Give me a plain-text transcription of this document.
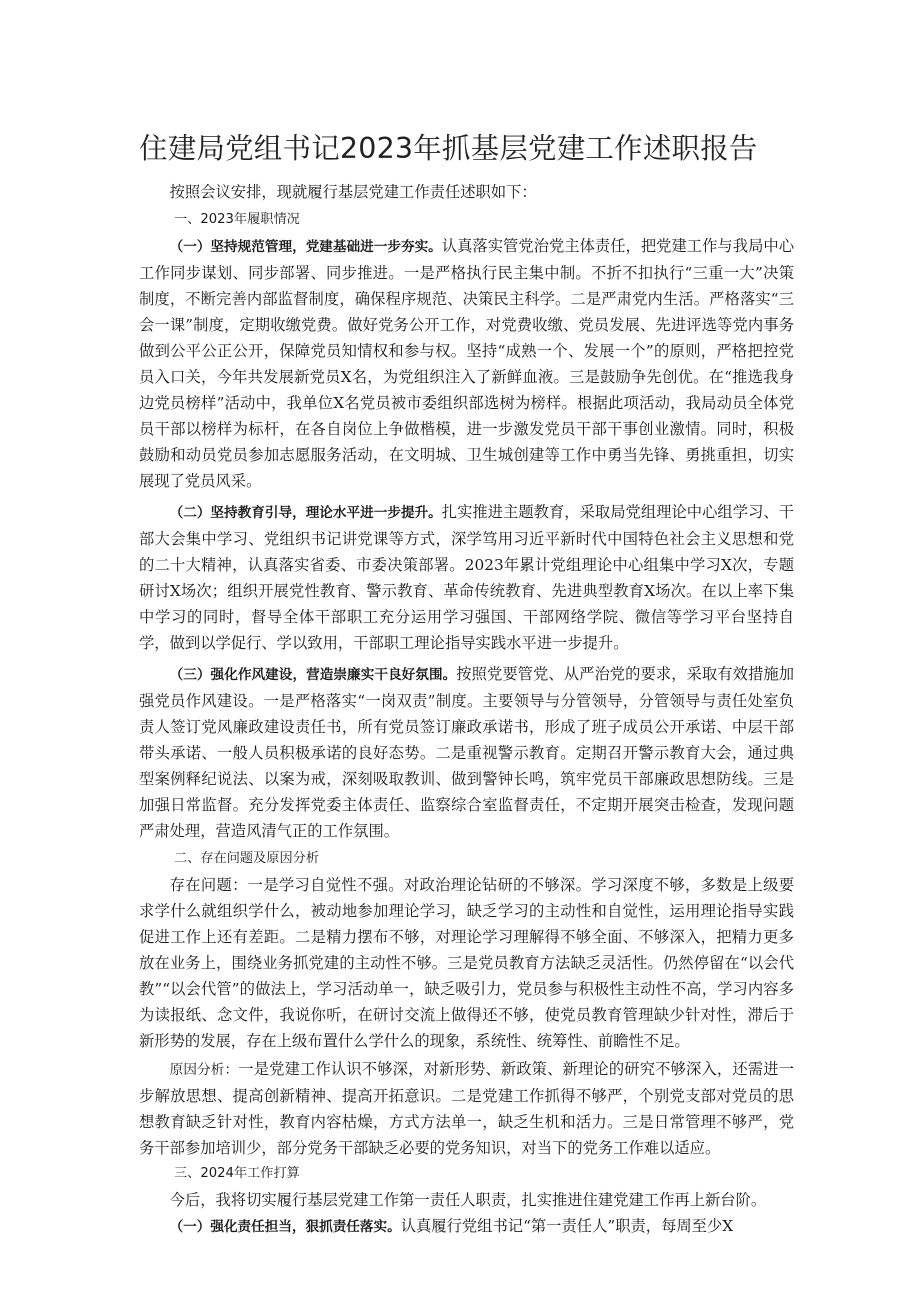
住建局党组书记2023年抓基层党建工作述职报告

按照会议安排，现就履行基层党建工作责任述职如下：

一、2023年履职情况

（一）坚持规范管理，党建基础进一步夯实。认真落实管党治党主体责任，把党建工作与我局中心工作同步谋划、同步部署、同步推进。一是严格执行民主集中制。不折不扣执行“三重一大”决策制度，不断完善内部监督制度，确保程序规范、决策民主科学。二是严肃党内生活。严格落实“三会一课”制度，定期收缴党费。做好党务公开工作，对党费收缴、党员发展、先进评选等党内事务做到公平公正公开，保障党员知情权和参与权。坚持“成熟一个、发展一个”的原则，严格把控党员入口关，今年共发展新党员X名，为党组织注入了新鲜血液。三是鼓励争先创优。在“推选我身边党员榜样”活动中，我单位X名党员被市委组织部选树为榜样。根据此项活动，我局动员全体党员干部以榜样为标杆，在各自岗位上争做楷模，进一步激发党员干部干事创业激情。同时，积极鼓励和动员党员参加志愿服务活动，在文明城、卫生城创建等工作中勇当先锋、勇挑重担，切实展现了党员风采。

（二）坚持教育引导，理论水平进一步提升。扎实推进主题教育，采取局党组理论中心组学习、干部大会集中学习、党组织书记讲党课等方式，深学笃用习近平新时代中国特色社会主义思想和党的二十大精神，认真落实省委、市委决策部署。2023年累计党组理论中心组集中学习X次，专题研讨X场次；组织开展党性教育、警示教育、革命传统教育、先进典型教育X场次。在以上率下集中学习的同时，督导全体干部职工充分运用学习强国、干部网络学院、微信等学习平台坚持自学，做到以学促行、学以致用，干部职工理论指导实践水平进一步提升。

（三）强化作风建设，营造崇廉实干良好氛围。按照党要管党、从严治党的要求，采取有效措施加强党员作风建设。一是严格落实“一岗双责”制度。主要领导与分管领导，分管领导与责任处室负责人签订党风廉政建设责任书，所有党员签订廉政承诺书，形成了班子成员公开承诺、中层干部带头承诺、一般人员积极承诺的良好态势。二是重视警示教育。定期召开警示教育大会，通过典型案例释纪说法、以案为戒，深刻吸取教训、做到警钟长鸣，筑牢党员干部廉政思想防线。三是加强日常监督。充分发挥党委主体责任、监察综合室监督责任，不定期开展突击检查，发现问题严肃处理，营造风清气正的工作氛围。

二、存在问题及原因分析

存在问题：一是学习自觉性不强。对政治理论钻研的不够深。学习深度不够，多数是上级要求学什么就组织学什么，被动地参加理论学习，缺乏学习的主动性和自觉性，运用理论指导实践促进工作上还有差距。二是精力摆布不够，对理论学习理解得不够全面、不够深入，把精力更多放在业务上，围绕业务抓党建的主动性不够。三是党员教育方法缺乏灵活性。仍然停留在“以会代教”“以会代管”的做法上，学习活动单一，缺乏吸引力，党员参与积极性主动性不高，学习内容多为读报纸、念文件，我说你听，在研讨交流上做得还不够，使党员教育管理缺少针对性，滞后于新形势的发展，存在上级布置什么学什么的现象，系统性、统筹性、前瞻性不足。

原因分析：一是党建工作认识不够深，对新形势、新政策、新理论的研究不够深入，还需进一步解放思想、提高创新精神、提高开拓意识。二是党建工作抓得不够严，个别党支部对党员的思想教育缺乏针对性，教育内容枯燥，方式方法单一，缺乏生机和活力。三是日常管理不够严，党务干部参加培训少，部分党务干部缺乏必要的党务知识，对当下的党务工作难以适应。

三、2024年工作打算

今后，我将切实履行基层党建工作第一责任人职责，扎实推进住建党建工作再上新台阶。

（一）强化责任担当，狠抓责任落实。认真履行党组书记“第一责任人”职责，每周至少X
